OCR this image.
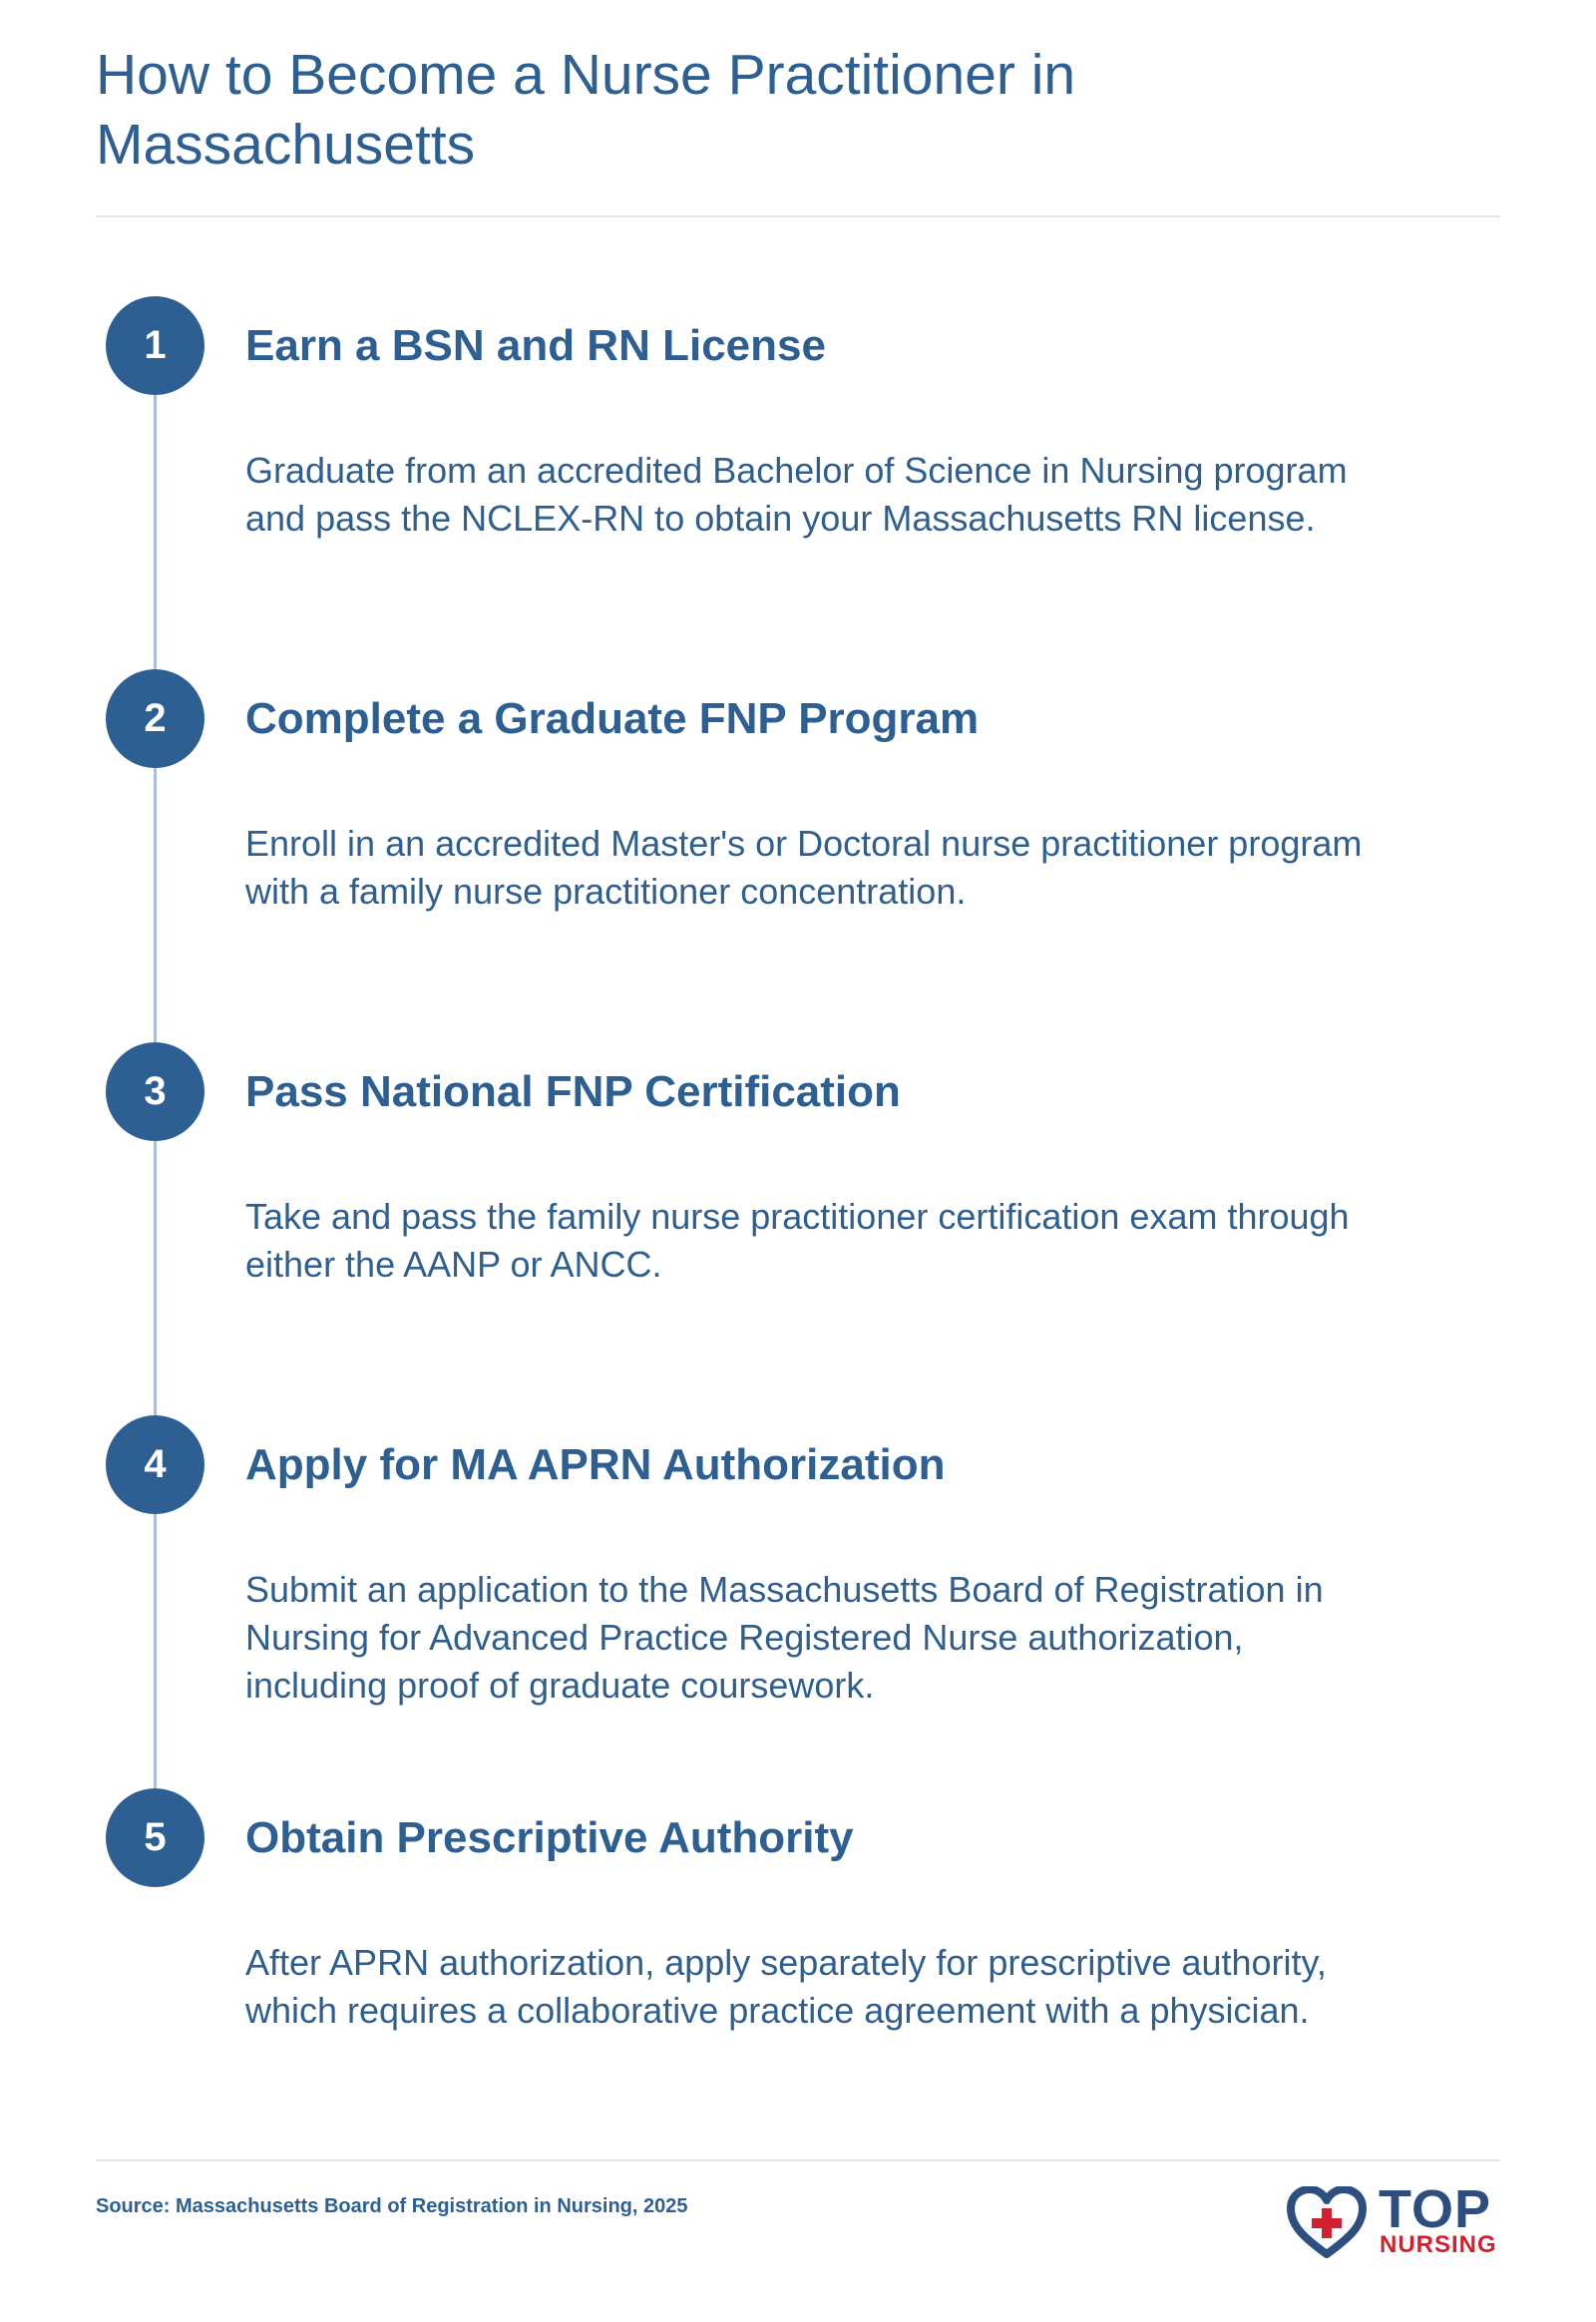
How to Become a Nurse Practitioner in Massachusetts
1	Earn a BSN and RN License

Graduate from an accredited Bachelor of Science in Nursing program and pass the NCLEX-RN to obtain your Massachusetts RN license.

2	Complete a Graduate FNP Program

Enroll in an accredited Master's or Doctoral nurse practitioner program with a family nurse practitioner concentration.

3	Pass National FNP Certification

Take and pass the family nurse practitioner certification exam through either the AANP or ANCC.

4	Apply for MA APRN Authorization

Submit an application to the Massachusetts Board of Registration in Nursing for Advanced Practice Registered Nurse authorization, including proof of graduate coursework.

5	Obtain Prescriptive Authority

After APRN authorization, apply separately for prescriptive authority, which requires a collaborative practice agreement with a physician.

Source: Massachusetts Board of Registration in Nursing, 2025	TOP
NURSING
